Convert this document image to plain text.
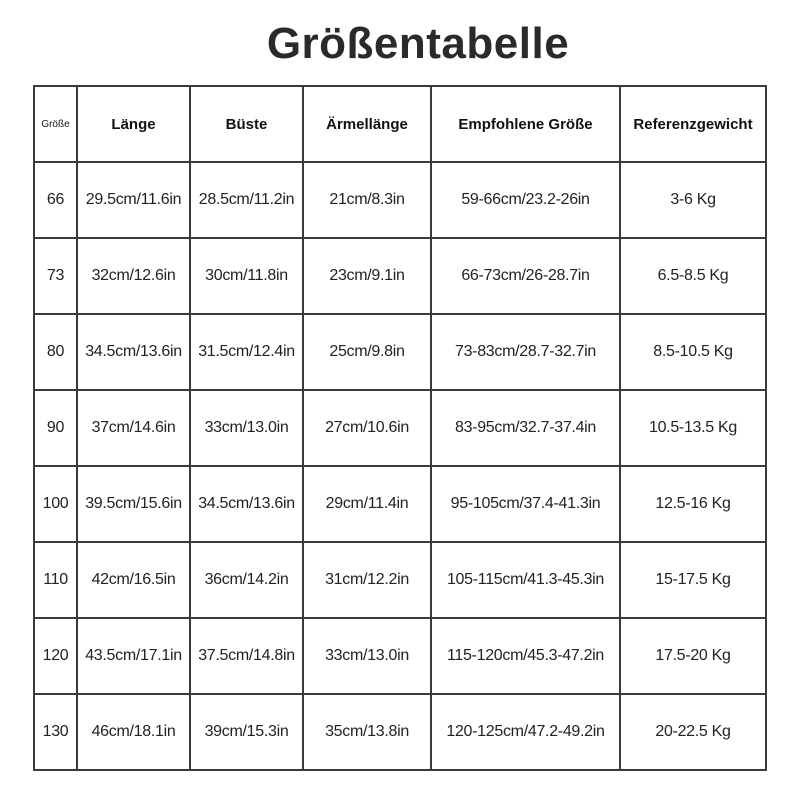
Größentabelle
Größe	Länge	Büste	Ärmellänge	Empfohlene Größe	Referenzgewicht
66	29.5cm/11.6in	28.5cm/11.2in	21cm/8.3in	59-66cm/23.2-26in	3-6 Kg
73	32cm/12.6in	30cm/11.8in	23cm/9.1in	66-73cm/26-28.7in	6.5-8.5 Kg
80	34.5cm/13.6in	31.5cm/12.4in	25cm/9.8in	73-83cm/28.7-32.7in	8.5-10.5 Kg
90	37cm/14.6in	33cm/13.0in	27cm/10.6in	83-95cm/32.7-37.4in	10.5-13.5 Kg
100	39.5cm/15.6in	34.5cm/13.6in	29cm/11.4in	95-105cm/37.4-41.3in	12.5-16 Kg
110	42cm/16.5in	36cm/14.2in	31cm/12.2in	105-115cm/41.3-45.3in	15-17.5 Kg
120	43.5cm/17.1in	37.5cm/14.8in	33cm/13.0in	115-120cm/45.3-47.2in	17.5-20 Kg
130	46cm/18.1in	39cm/15.3in	35cm/13.8in	120-125cm/47.2-49.2in	20-22.5 Kg
